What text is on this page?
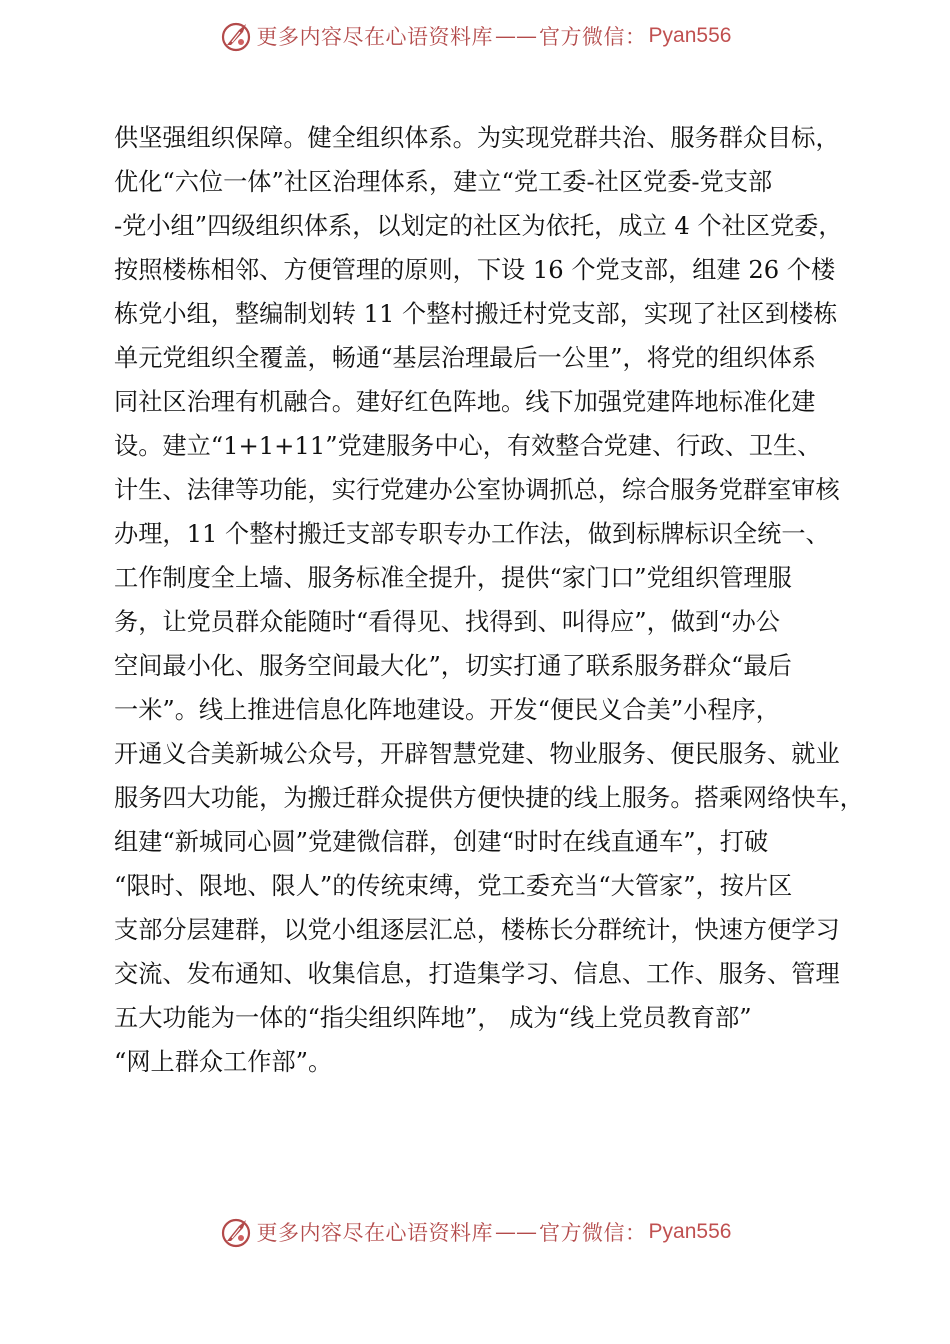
更多内容尽在心语资料库 —— 官方微信： Pyan556
供坚强组织保障。健全组织体系。为实现党群共治、服务群众目标，
优化“六位一体”社区治理体系，建立“党工委-社区党委-党支部
-党小组”四级组织体系，以划定的社区为依托，成立 4 个社区党委，
按照楼栋相邻、方便管理的原则，下设 16 个党支部，组建 26 个楼
栋党小组，整编制划转 11 个整村搬迁村党支部，实现了社区到楼栋
单元党组织全覆盖，畅通“基层治理最后一公里”，将党的组织体系
同社区治理有机融合。建好红色阵地。线下加强党建阵地标准化建
设。建立“1+1+11”党建服务中心，有效整合党建、行政、卫生、
计生、法律等功能，实行党建办公室协调抓总，综合服务党群室审核
办理，11 个整村搬迁支部专职专办工作法，做到标牌标识全统一、
工作制度全上墙、服务标准全提升，提供“家门口”党组织管理服
务，让党员群众能随时“看得见、找得到、叫得应”，做到“办公
空间最小化、服务空间最大化”，切实打通了联系服务群众“最后
一米”。线上推进信息化阵地建设。开发“便民义合美”小程序，
开通义合美新城公众号，开辟智慧党建、物业服务、便民服务、就业
服务四大功能，为搬迁群众提供方便快捷的线上服务。搭乘网络快车，
组建“新城同心圆”党建微信群，创建“时时在线直通车”，打破
“限时、限地、限人”的传统束缚，党工委充当“大管家”，按片区
支部分层建群，以党小组逐层汇总，楼栋长分群统计，快速方便学习
交流、发布通知、收集信息，打造集学习、信息、工作、服务、管理
五大功能为一体的“指尖组织阵地”， 成为“线上党员教育部”
“网上群众工作部”。
更多内容尽在心语资料库 —— 官方微信： Pyan556
